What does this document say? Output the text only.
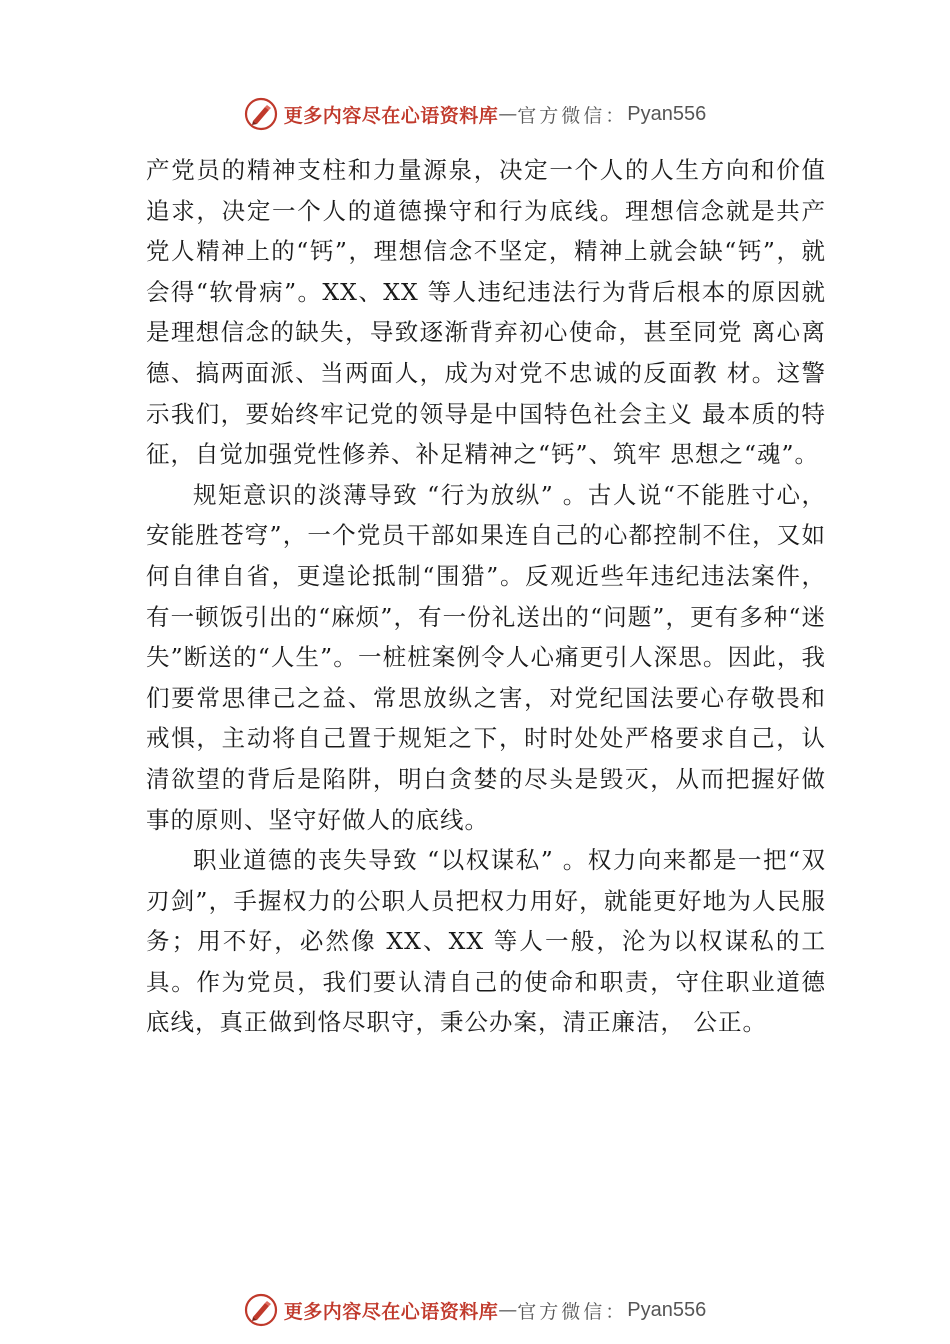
更多内容尽在心语资料库 — 官方微信： Pyan556

产党员的精神支柱和力量源泉，决定一个人的人生方向和价值追求，决定一个人的道德操守和行为底线。理想信念就是共产党人精神上的“钙”，理想信念不坚定，精神上就会缺“钙”，就会得“软骨病”。XX、XX 等人违纪违法行为背后根本的原因就是理想信念的缺失，导致逐渐背弃初心使命，甚至同党 离心离德、搞两面派、当两面人，成为对党不忠诚的反面教 材。这警示我们，要始终牢记党的领导是中国特色社会主义 最本质的特征，自觉加强党性修养、补足精神之“钙”、筑牢 思想之“魂”。

规矩意识的淡薄导致 “行为放纵” 。古人说“不能胜寸心，安能胜苍穹”，一个党员干部如果连自己的心都控制不住，又如何自律自省，更遑论抵制“围猎”。反观近些年违纪违法案件，有一顿饭引出的“麻烦”，有一份礼送出的“问题”，更有多种“迷失”断送的“人生”。一桩桩案例令人心痛更引人深思。因此，我们要常思律己之益、常思放纵之害，对党纪国法要心存敬畏和戒惧，主动将自己置于规矩之下，时时处处严格要求自己，认清欲望的背后是陷阱，明白贪婪的尽头是毁灭，从而把握好做事的原则、坚守好做人的底线。

职业道德的丧失导致 “以权谋私” 。权力向来都是一把“双刃剑”，手握权力的公职人员把权力用好，就能更好地为人民服务；用不好，必然像 XX、XX 等人一般，沦为以权谋私的工具。作为党员，我们要认清自己的使命和职责，守住职业道德底线，真正做到恪尽职守，秉公办案，清正廉洁， 公正。

更多内容尽在心语资料库 — 官方微信： Pyan556
